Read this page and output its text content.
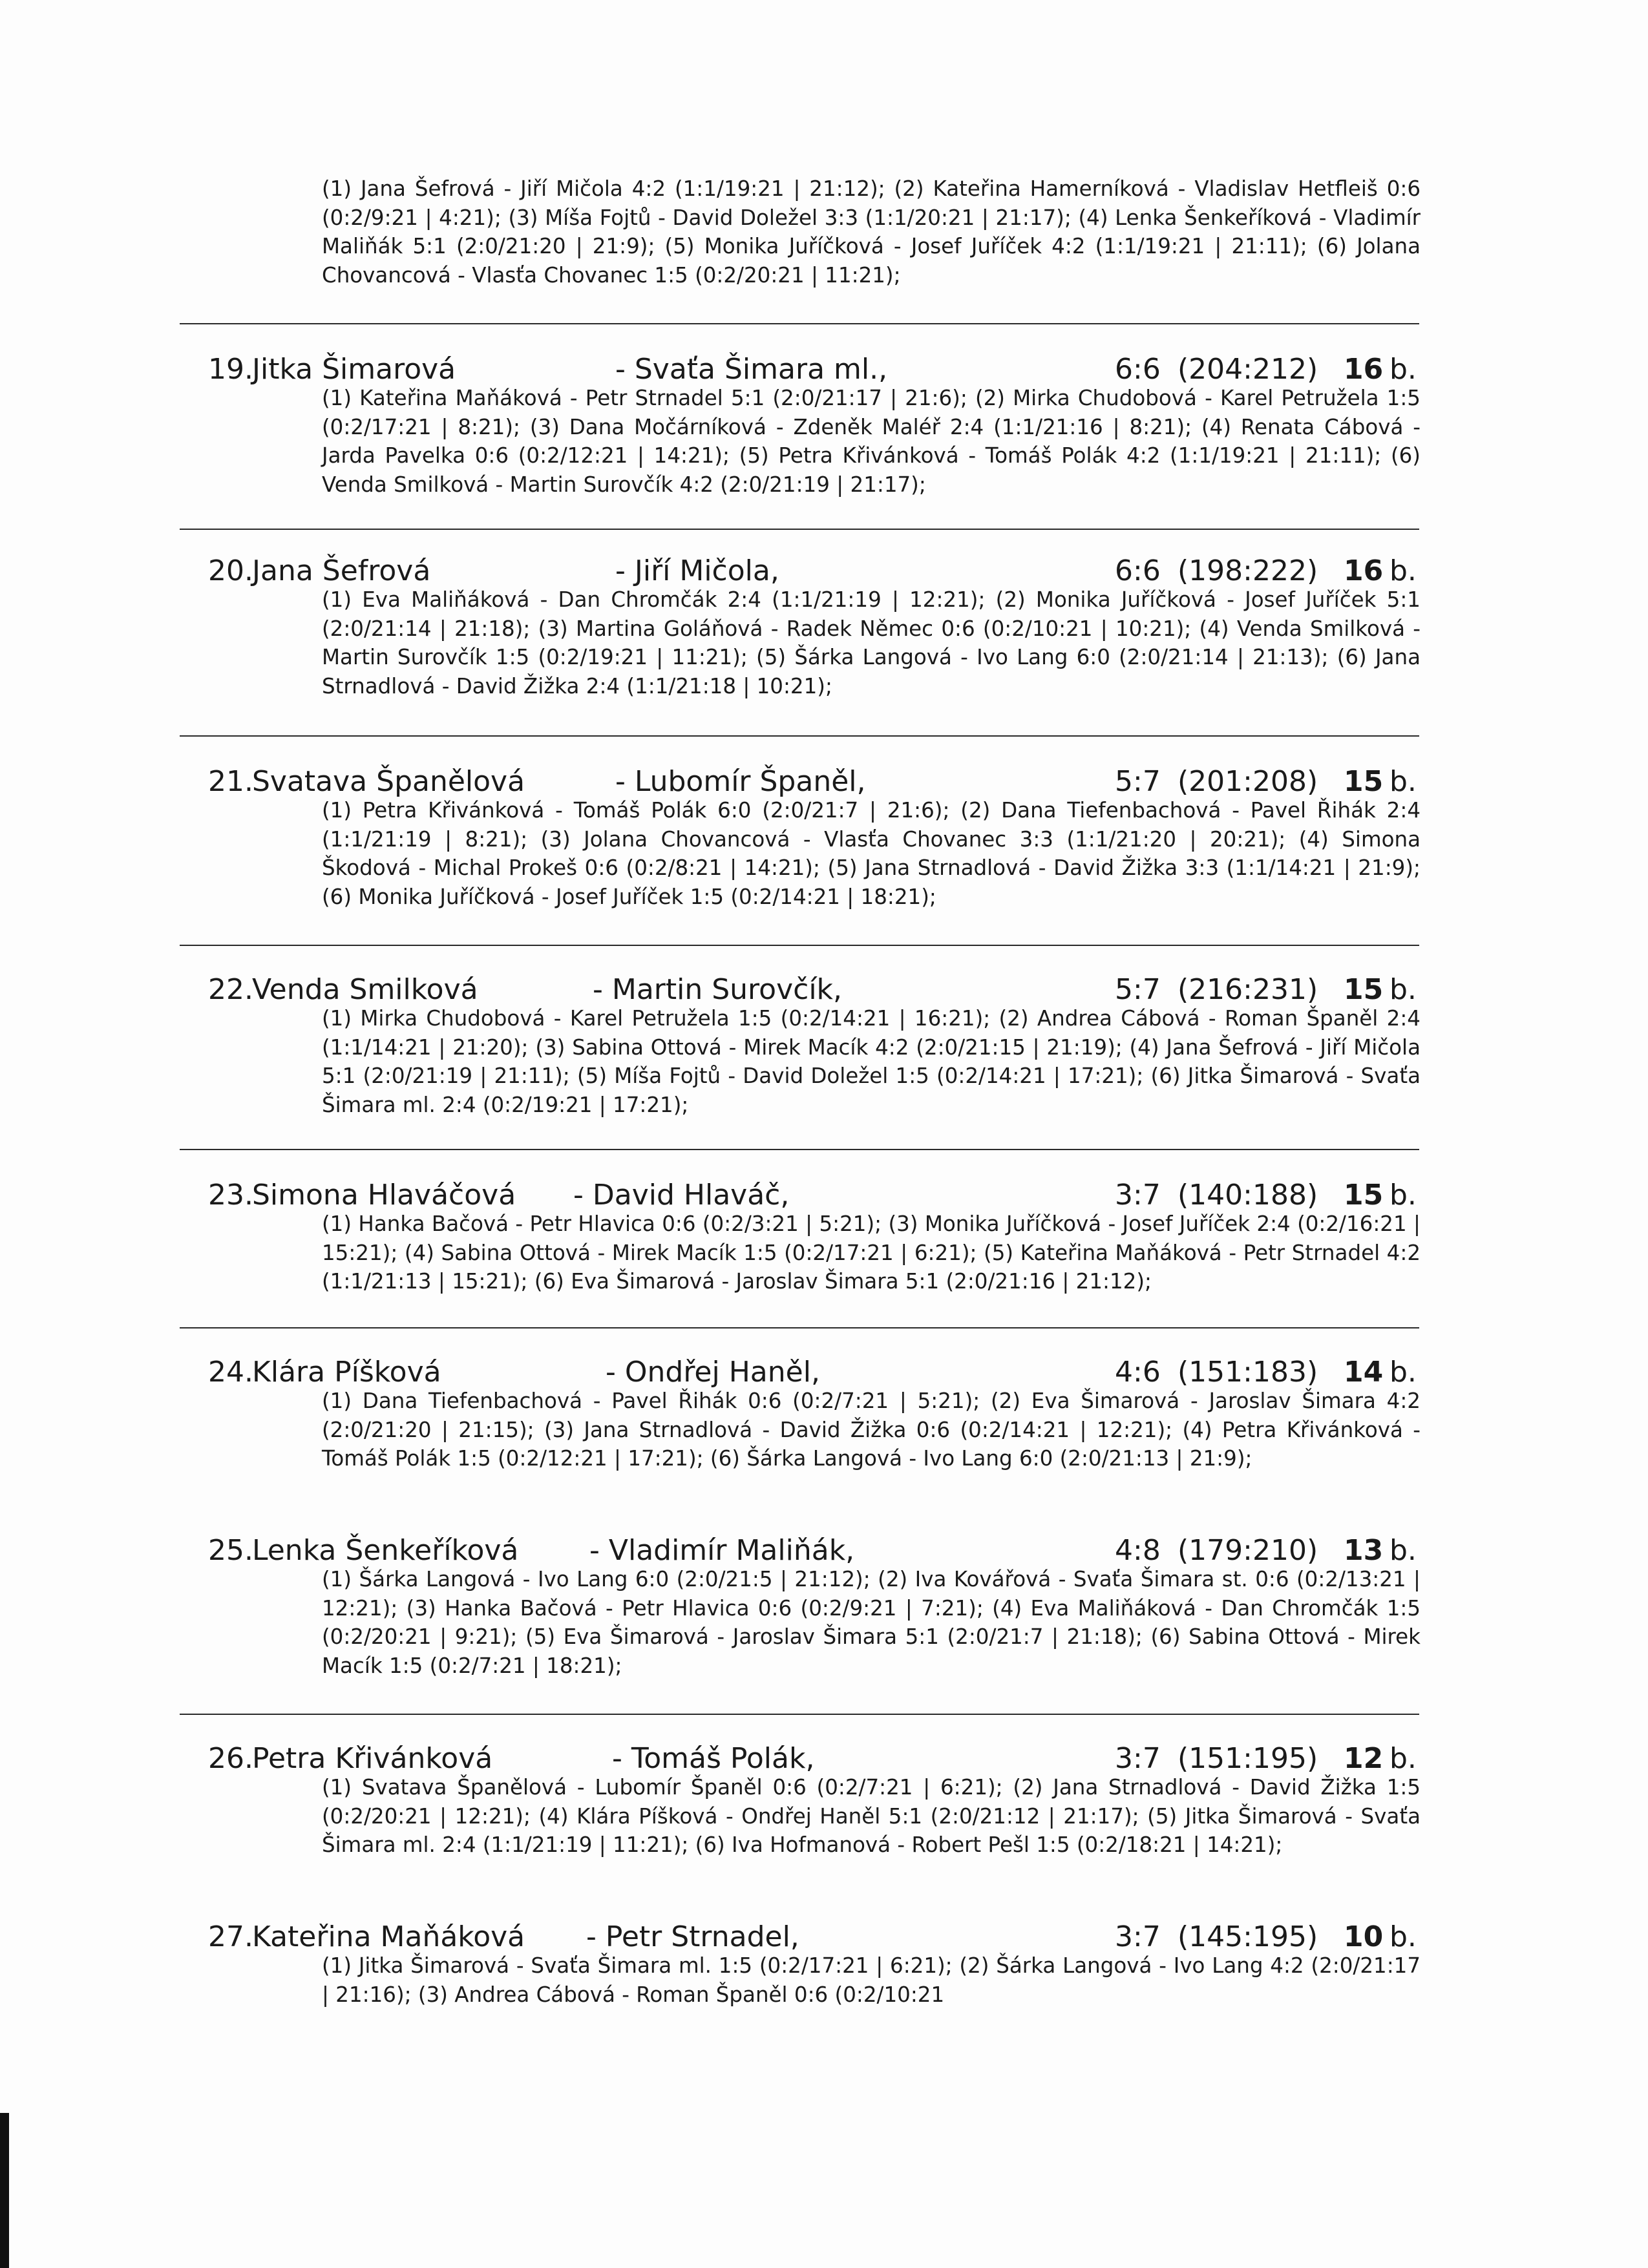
(1) Jana Šefrová - Jiří Mičola 4:2 (1:1/19:21 | 21:12); (2) Kateřina Hamerníková - Vladislav Hetfleiš 0:6 (0:2/9:21 | 4:21); (3) Míša Fojtů - David Doležel 3:3 (1:1/20:21 | 21:17); (4) Lenka Šenkeříková - Vladimír Maliňák 5:1 (2:0/21:20 | 21:9); (5) Monika Juříčková - Josef Juříček 4:2 (1:1/19:21 | 21:11); (6) Jolana Chovancová - Vlasťa Chovanec 1:5 (0:2/20:21 | 11:21);
19.
Jitka Šimarová	- Svaťa Šimara ml.,	6:6 (204:212) 16 b.
(1) Kateřina Maňáková - Petr Strnadel 5:1 (2:0/21:17 | 21:6); (2) Mirka Chudobová - Karel Petružela 1:5 (0:2/17:21 | 8:21); (3) Dana Močárníková - Zdeněk Maléř 2:4 (1:1/21:16 | 8:21); (4) Renata Cábová - Jarda Pavelka 0:6 (0:2/12:21 | 14:21); (5) Petra Křivánková - Tomáš Polák 4:2 (1:1/19:21 | 21:11); (6) Venda Smilková - Martin Surovčík 4:2 (2:0/21:19 | 21:17);
20.
Jana Šefrová	- Jiří Mičola,	6:6 (198:222) 16 b.
(1) Eva Maliňáková - Dan Chromčák 2:4 (1:1/21:19 | 12:21); (2) Monika Juříčková - Josef Juříček 5:1 (2:0/21:14 | 21:18); (3) Martina Goláňová - Radek Němec 0:6 (0:2/10:21 | 10:21); (4) Venda Smilková - Martin Surovčík 1:5 (0:2/19:21 | 11:21); (5) Šárka Langová - Ivo Lang 6:0 (2:0/21:14 | 21:13); (6) Jana Strnadlová - David Žižka 2:4 (1:1/21:18 | 10:21);
21.
Svatava Španělová	- Lubomír Španěl,	5:7 (201:208) 15 b.
(1) Petra Křivánková - Tomáš Polák 6:0 (2:0/21:7 | 21:6); (2) Dana Tiefenbachová - Pavel Řihák 2:4 (1:1/21:19 | 8:21); (3) Jolana Chovancová - Vlasťa Chovanec 3:3 (1:1/21:20 | 20:21); (4) Simona Škodová - Michal Prokeš 0:6 (0:2/8:21 | 14:21); (5) Jana Strnadlová - David Žižka 3:3 (1:1/14:21 | 21:9); (6) Monika Juříčková - Josef Juříček 1:5 (0:2/14:21 | 18:21);
22.
Venda Smilková	- Martin Surovčík,	5:7 (216:231) 15 b.
(1) Mirka Chudobová - Karel Petružela 1:5 (0:2/14:21 | 16:21); (2) Andrea Cábová - Roman Španěl 2:4 (1:1/14:21 | 21:20); (3) Sabina Ottová - Mirek Macík 4:2 (2:0/21:15 | 21:19); (4) Jana Šefrová - Jiří Mičola 5:1 (2:0/21:19 | 21:11); (5) Míša Fojtů - David Doležel 1:5 (0:2/14:21 | 17:21); (6) Jitka Šimarová - Svaťa Šimara ml. 2:4 (0:2/19:21 | 17:21);
23.
Simona Hlaváčová - David Hlaváč,	3:7 (140:188) 15 b.
(1) Hanka Bačová - Petr Hlavica 0:6 (0:2/3:21 | 5:21); (3) Monika Juříčková - Josef Juříček 2:4 (0:2/16:21 | 15:21); (4) Sabina Ottová - Mirek Macík 1:5 (0:2/17:21 | 6:21); (5) Kateřina Maňáková - Petr Strnadel 4:2 (1:1/21:13 | 15:21); (6) Eva Šimarová - Jaroslav Šimara 5:1 (2:0/21:16 | 21:12);
24.
Klára Píšková	- Ondřej Haněl,	4:6 (151:183) 14 b.
(1) Dana Tiefenbachová - Pavel Řihák 0:6 (0:2/7:21 | 5:21); (2) Eva Šimarová - Jaroslav Šimara 4:2 (2:0/21:20 | 21:15); (3) Jana Strnadlová - David Žižka 0:6 (0:2/14:21 | 12:21); (4) Petra Křivánková - Tomáš Polák 1:5 (0:2/12:21 | 17:21); (6) Šárka Langová - Ivo Lang 6:0 (2:0/21:13 | 21:9);
25.
Lenka Šenkeříková - Vladimír Maliňák,	4:8 (179:210) 13 b.
(1) Šárka Langová - Ivo Lang 6:0 (2:0/21:5 | 21:12); (2) Iva Kovářová - Svaťa Šimara st. 0:6 (0:2/13:21 | 12:21); (3) Hanka Bačová - Petr Hlavica 0:6 (0:2/9:21 | 7:21); (4) Eva Maliňáková - Dan Chromčák 1:5 (0:2/20:21 | 9:21); (5) Eva Šimarová - Jaroslav Šimara 5:1 (2:0/21:7 | 21:18); (6) Sabina Ottová - Mirek Macík 1:5 (0:2/7:21 | 18:21);
26.
Petra Křivánková	- Tomáš Polák,	3:7 (151:195) 12 b.
(1) Svatava Španělová - Lubomír Španěl 0:6 (0:2/7:21 | 6:21); (2) Jana Strnadlová - David Žižka 1:5 (0:2/20:21 | 12:21); (4) Klára Píšková - Ondřej Haněl 5:1 (2:0/21:12 | 21:17); (5) Jitka Šimarová - Svaťa Šimara ml. 2:4 (1:1/21:19 | 11:21); (6) Iva Hofmanová - Robert Pešl 1:5 (0:2/18:21 | 14:21);
27.
Kateřina Maňáková - Petr Strnadel,	3:7 (145:195) 10 b.
(1) Jitka Šimarová - Svaťa Šimara ml. 1:5 (0:2/17:21 | 6:21); (2) Šárka Langová - Ivo Lang 4:2 (2:0/21:17 | 21:16); (3) Andrea Cábová - Roman Španěl 0:6 (0:2/10:21
